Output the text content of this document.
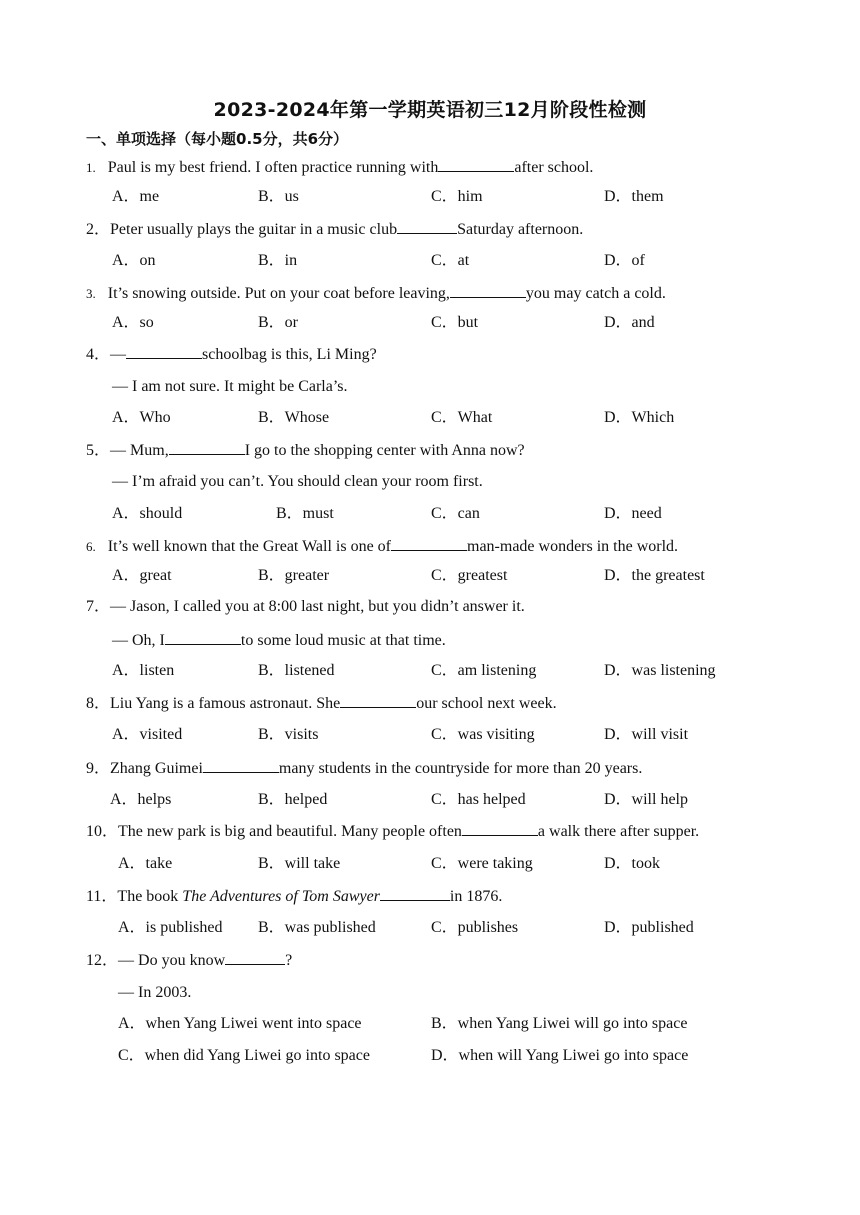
2023-2024年第一学期英语初三12月阶段性检测
一、单项选择（每小题0.5分，共6分）
1. Paul is my best friend. I often practice running with	after school.
A．me	B．us	C．him	D．them
2．Peter usually plays the guitar in a music club	Saturday afternoon.
A．on	B．in	C．at	D．of
3. It’s snowing outside. Put on your coat before leaving,	you may catch a cold.
A．so	B．or	C．but	D．and
4．—	schoolbag is this, Li Ming?
— I am not sure. It might be Carla’s.
A．Who	B．Whose	C．What	D．Which
5．— Mum,	I go to the shopping center with Anna now?
— I’m afraid you can’t. You should clean your room first.
A．should	B．must	C．can	D．need
6. It’s well known that the Great Wall is one of	man-made wonders in the world.
A．great	B．greater	C．greatest	D．the greatest
7．— Jason, I called you at 8:00 last night, but you didn’t answer it.
— Oh, I	to some loud music at that time.
A．listen	B．listened	C．am listening	D．was listening
8．Liu Yang is a famous astronaut. She	our school next week.
A．visited	B．visits	C．was visiting	D．will visit
9．Zhang Guimei	many students in the countryside for more than 20 years.
A．helps	B．helped	C．has helped	D．will help
10．The new park is big and beautiful. Many people often	a walk there after supper.
A．take	B．will take	C．were taking	D．took
11．The book The Adventures of Tom Sawyer	in 1876.
A．is published B．was published	C．publishes	D．published
12．— Do you know	?
— In 2003.
A．when Yang Liwei went into space	B．when Yang Liwei will go into space
C．when did Yang Liwei go into space	D．when will Yang Liwei go into space
